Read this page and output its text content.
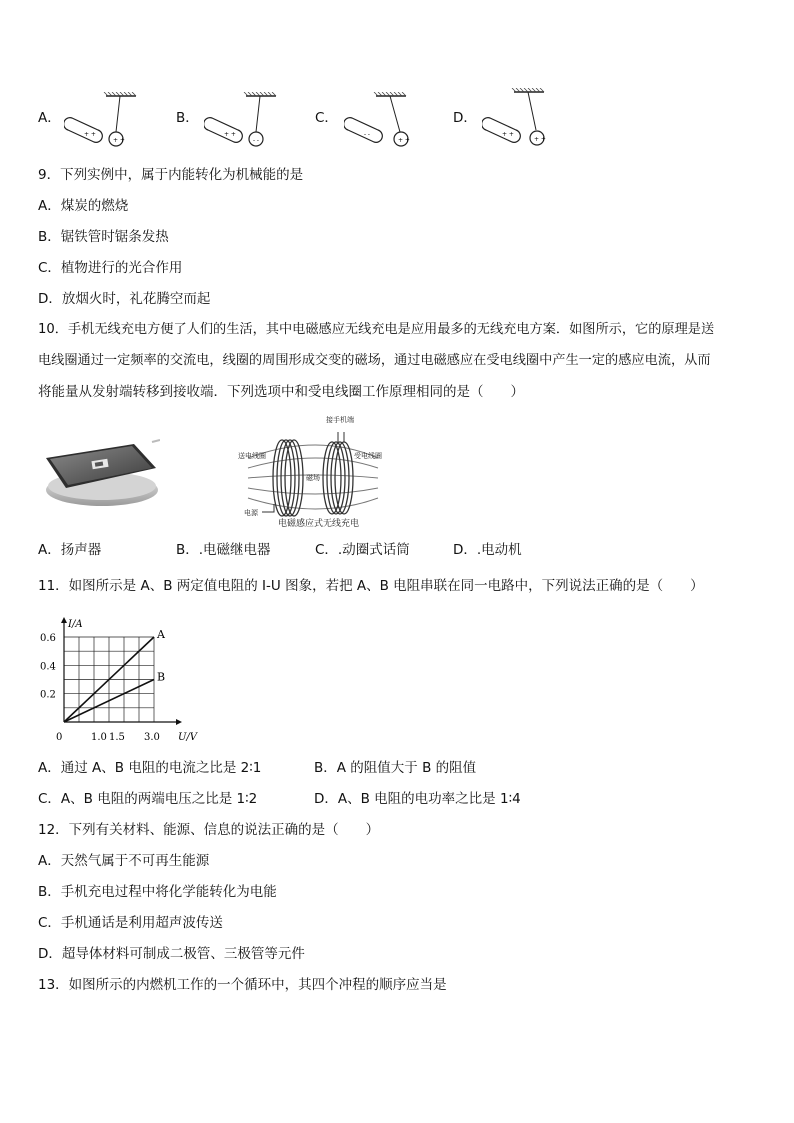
A．	B．	C．	D．
+ +
+ +
- -
+ +
+ +
- -
+ +
+ +
9．下列实例中，属于内能转化为机械能的是
A．煤炭的燃烧
B．锯铁管时锯条发热
C．植物进行的光合作用
D．放烟火时，礼花腾空而起
10．手机无线充电方便了人们的生活，其中电磁感应无线充电是应用最多的无线充电方案．如图所示，它的原理是送
电线圈通过一定频率的交流电，线圈的周围形成交变的磁场，通过电磁感应在受电线圈中产生一定的感应电流，从而
将能量从发射端转移到接收端．下列选项中和受电线圈工作原理相同的是（　　）
接手机端
送电线圈	受电线圈
磁场
电源
电磁感应式无线充电
A．扬声器	B．.电磁继电器	C．.动圈式话筒	D．.电动机
11．如图所示是 A、B 两定值电阻的 I-U 图象，若把 A、B 电阻串联在同一电路中，下列说法正确的是（　　）
0	1.0 1.5 3.0
0.2
0.4
0.6	A
B
I/A
U/V
A．通过 A、B 电阻的电流之比是 2∶1	B．A 的阻值大于 B 的阻值
C．A、B 电阻的两端电压之比是 1∶2	D．A、B 电阻的电功率之比是 1∶4
12．下列有关材料、能源、信息的说法正确的是（　　）
A．天然气属于不可再生能源
B．手机充电过程中将化学能转化为电能
C．手机通话是利用超声波传送
D．超导体材料可制成二极管、三极管等元件
13．如图所示的内燃机工作的一个循环中，其四个冲程的顺序应当是
